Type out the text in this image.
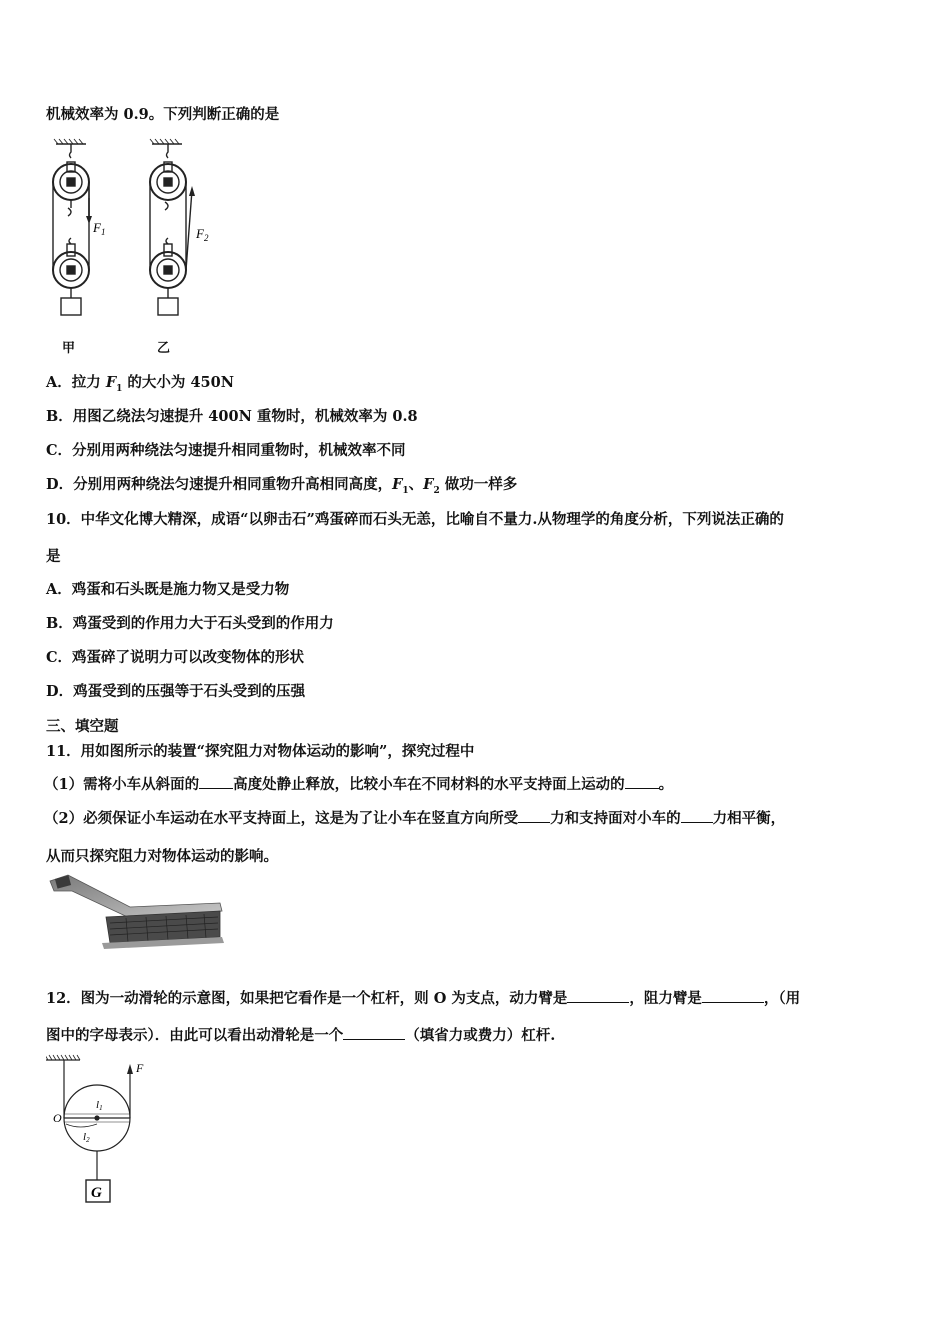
机械效率为 0.9。下列判断正确的是
$F_1$	$F_2$
甲	乙
A．拉力 $F_1$ 的大小为 450N
B．用图乙绕法匀速提升 400N 重物时，机械效率为 0.8
C．分别用两种绕法匀速提升相同重物时，机械效率不同
D．分别用两种绕法匀速提升相同重物升高相同高度，$F_1$、$F_2$ 做功一样多
10．中华文化博大精深，成语“以卵击石”鸡蛋碎而石头无恙，比喻自不量力.从物理学的角度分析，下列说法正确的
是
A．鸡蛋和石头既是施力物又是受力物
B．鸡蛋受到的作用力大于石头受到的作用力
C．鸡蛋碎了说明力可以改变物体的形状
D．鸡蛋受到的压强等于石头受到的压强
三、填空题
11．用如图所示的装置“探究阻力对物体运动的影响”，探究过程中
（1）需将小车从斜面的 高度处静止释放，比较小车在不同材料的水平支持面上运动的 。
（2）必须保证小车运动在水平支持面上，这是为了让小车在竖直方向所受 力和支持面对小车的 力相平衡，
从而只探究阻力对物体运动的影响。
12．图为一动滑轮的示意图，如果把它看作是一个杠杆，则 O 为支点，动力臂是	，阻力臂是	，（用
图中的字母表示）．由此可以看出动滑轮是一个	（填省力或费力）杠杆.
F
O
l1
l2
G
